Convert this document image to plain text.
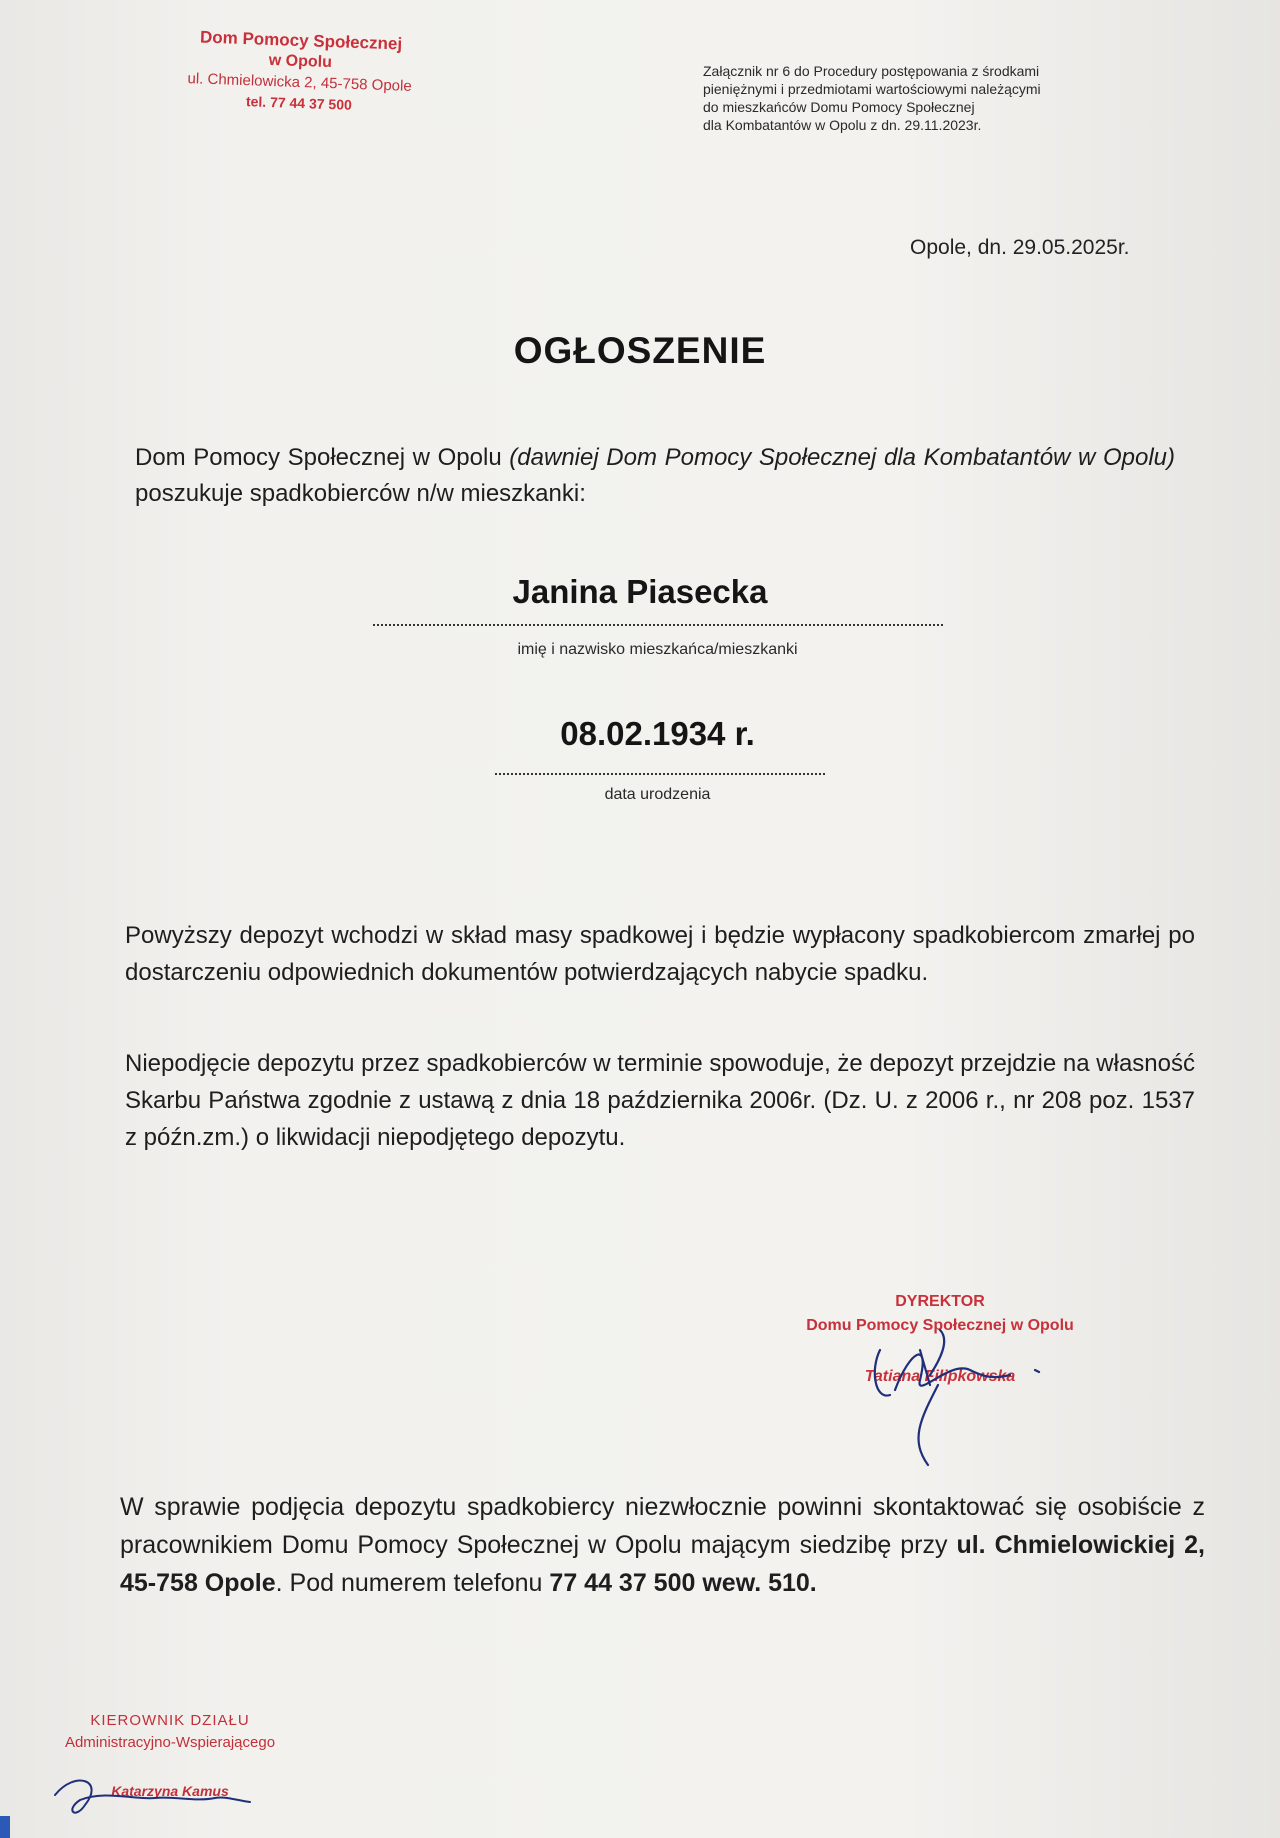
Dom Pomocy Społecznej
w Opolu
ul. Chmielowicka 2, 45-758 Opole
tel. 77 44 37 500
Załącznik nr 6 do Procedury postępowania z środkami
pieniężnymi i przedmiotami wartościowymi należącymi
do mieszkańców Domu Pomocy Społecznej
dla Kombatantów w Opolu z dn. 29.11.2023r.
Opole, dn. 29.05.2025r.
OGŁOSZENIE
Dom Pomocy Społecznej w Opolu (dawniej Dom Pomocy Społecznej dla Kombatantów w Opolu) poszukuje spadkobierców n/w mieszkanki:
Janina Piasecka
imię i nazwisko mieszkańca/mieszkanki
08.02.1934 r.
data urodzenia
Powyższy depozyt wchodzi w skład masy spadkowej i będzie wypłacony spadkobiercom zmarłej po dostarczeniu odpowiednich dokumentów potwierdzających nabycie spadku.
Niepodjęcie depozytu przez spadkobierców w terminie spowoduje, że depozyt przejdzie na własność Skarbu Państwa zgodnie z ustawą z dnia 18 października 2006r. (Dz. U. z 2006 r., nr 208 poz. 1537 z późn.zm.) o likwidacji niepodjętego depozytu.
DYREKTOR
Domu Pomocy Społecznej w Opolu
Tatiana Filipkowska
W sprawie podjęcia depozytu spadkobiercy niezwłocznie powinni skontaktować się osobiście z pracownikiem Domu Pomocy Społecznej w Opolu mającym siedzibę przy ul. Chmielowickiej 2, 45-758 Opole. Pod numerem telefonu 77 44 37 500 wew. 510.
KIEROWNIK DZIAŁU
Administracyjno-Wspierającego
Katarzyna Kamus
